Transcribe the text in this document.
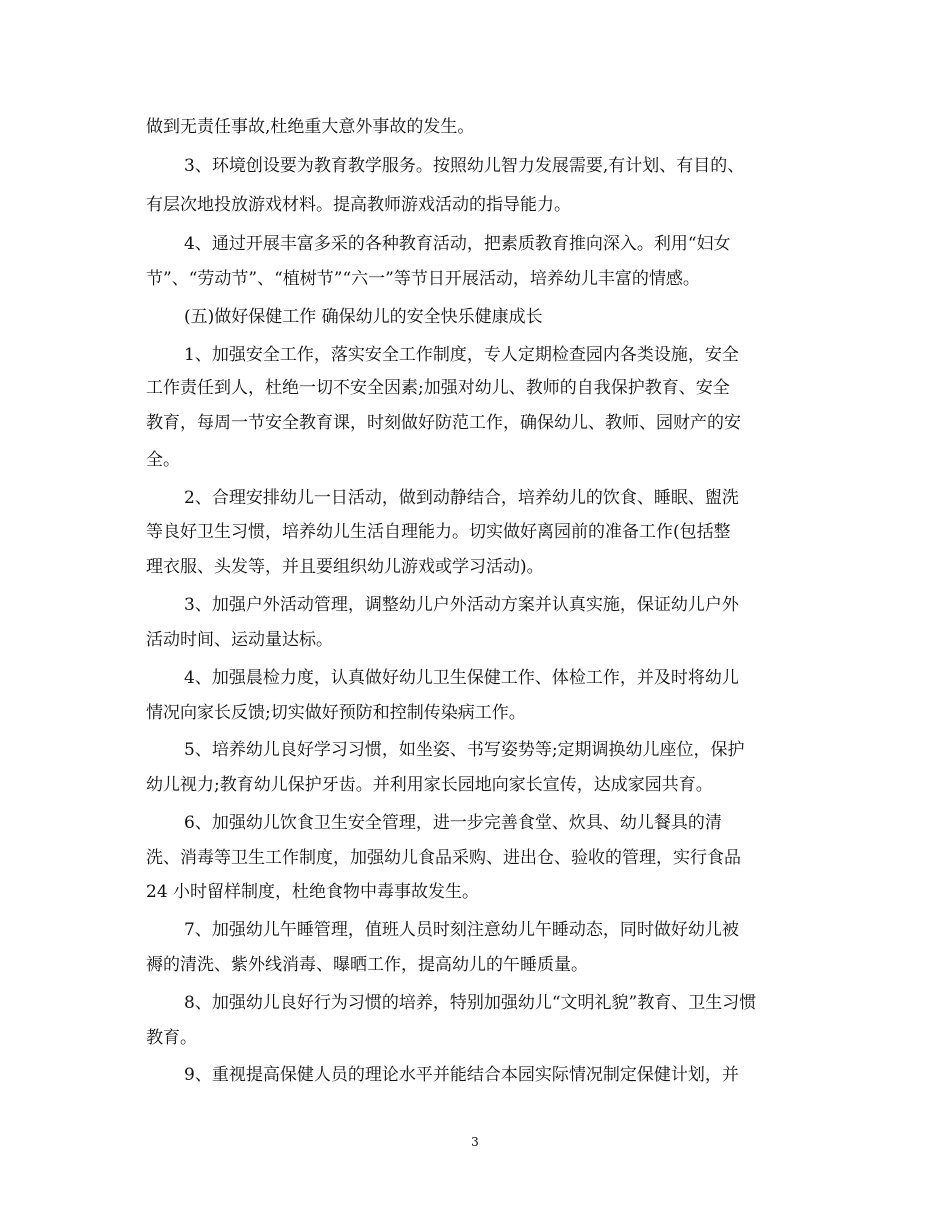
做到无责任事故,杜绝重大意外事故的发生。
3、环境创设要为教育教学服务。按照幼儿智力发展需要,有计划、有目的、
有层次地投放游戏材料。提高教师游戏活动的指导能力。
4、通过开展丰富多采的各种教育活动，把素质教育推向深入。利用“妇女
节”、“劳动节”、“植树节”“六一”等节日开展活动，培养幼儿丰富的情感。
(五)做好保健工作 确保幼儿的安全快乐健康成长
1、加强安全工作，落实安全工作制度，专人定期检查园内各类设施，安全
工作责任到人，杜绝一切不安全因素;加强对幼儿、教师的自我保护教育、安全
教育，每周一节安全教育课，时刻做好防范工作，确保幼儿、教师、园财产的安
全。
2、合理安排幼儿一日活动，做到动静结合，培养幼儿的饮食、睡眠、盥洗
等良好卫生习惯，培养幼儿生活自理能力。切实做好离园前的准备工作(包括整
理衣服、头发等，并且要组织幼儿游戏或学习活动)。
3、加强户外活动管理，调整幼儿户外活动方案并认真实施，保证幼儿户外
活动时间、运动量达标。
4、加强晨检力度，认真做好幼儿卫生保健工作、体检工作，并及时将幼儿
情况向家长反馈;切实做好预防和控制传染病工作。
5、培养幼儿良好学习习惯，如坐姿、书写姿势等;定期调换幼儿座位，保护
幼儿视力;教育幼儿保护牙齿。并利用家长园地向家长宣传，达成家园共育。
6、加强幼儿饮食卫生安全管理，进一步完善食堂、炊具、幼儿餐具的清
洗、消毒等卫生工作制度，加强幼儿食品采购、进出仓、验收的管理，实行食品
24 小时留样制度，杜绝食物中毒事故发生。
7、加强幼儿午睡管理，值班人员时刻注意幼儿午睡动态，同时做好幼儿被
褥的清洗、紫外线消毒、曝晒工作，提高幼儿的午睡质量。
8、加强幼儿良好行为习惯的培养，特别加强幼儿“文明礼貌”教育、卫生习惯
教育。
9、重视提高保健人员的理论水平并能结合本园实际情况制定保健计划，并
3
